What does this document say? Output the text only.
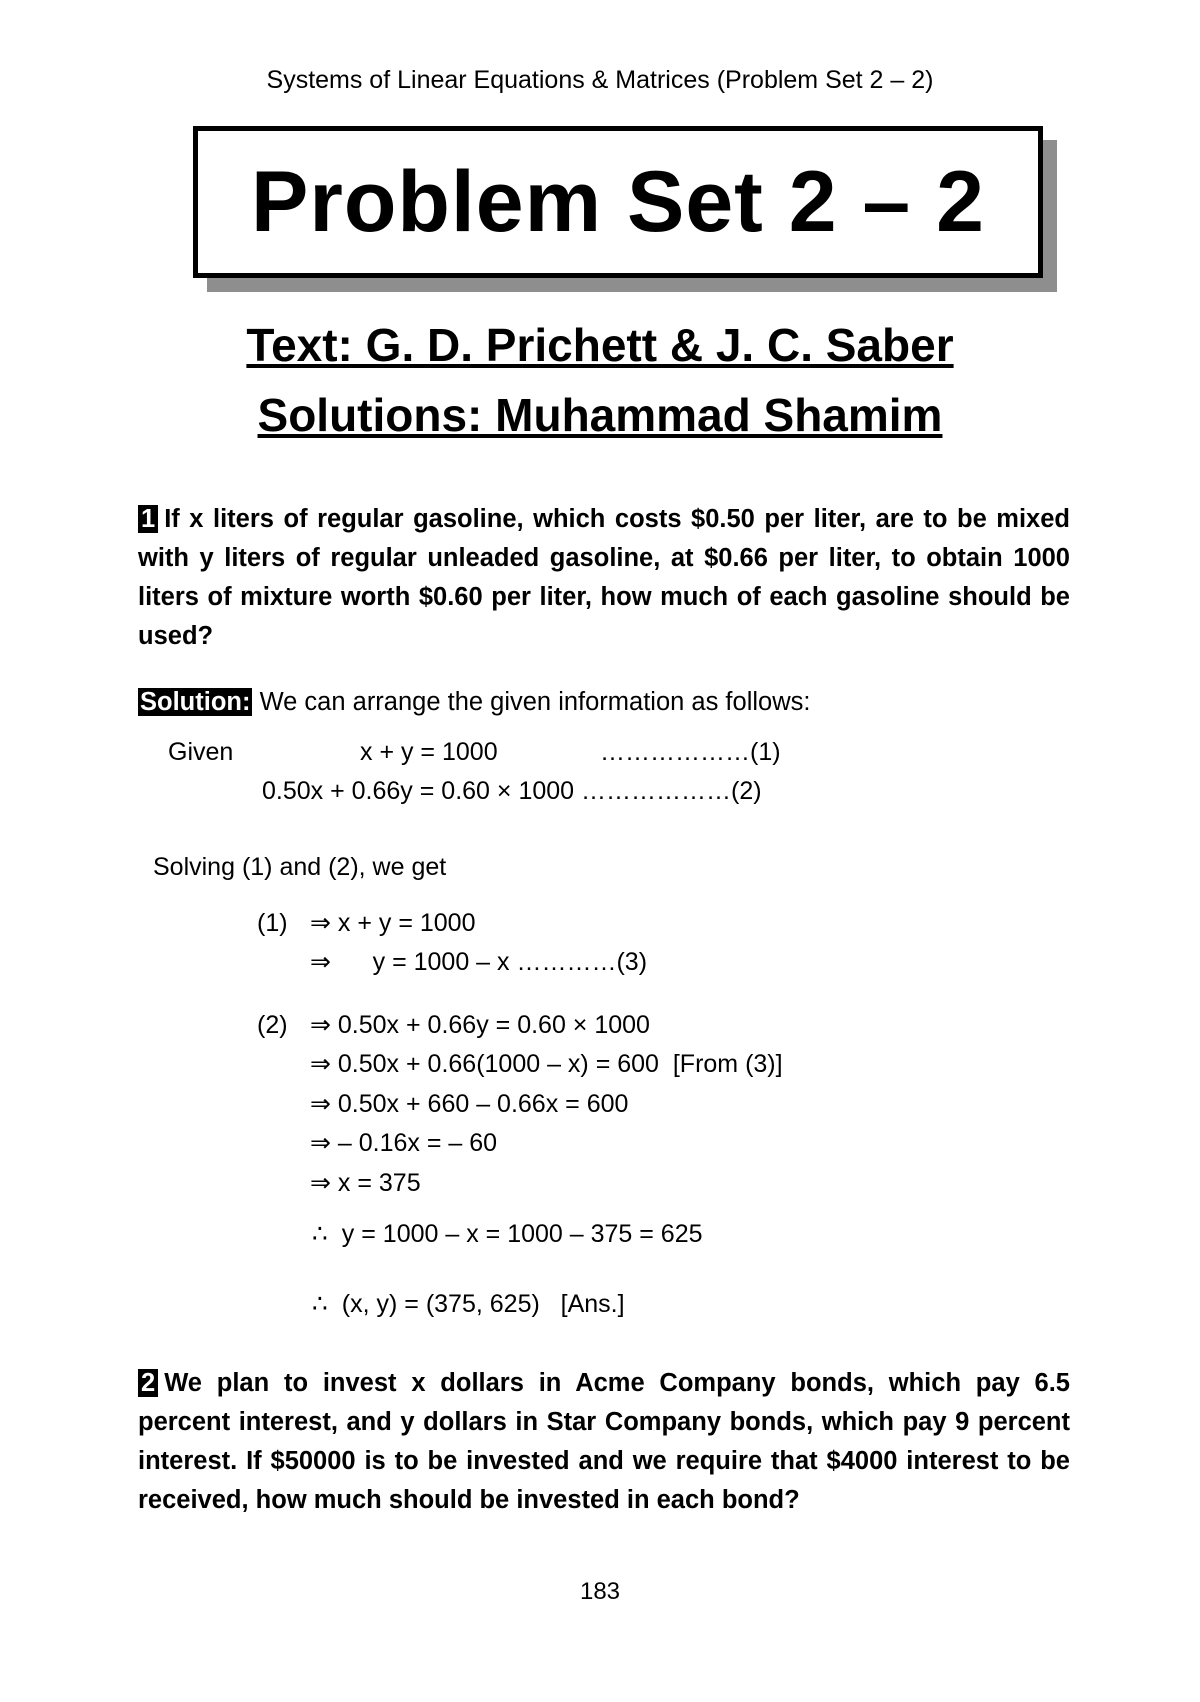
Systems of Linear Equations & Matrices (Problem Set 2 – 2)
Problem Set 2 – 2
Text: G. D. Prichett & J. C. Saber
Solutions: Muhammad Shamim
1 If x liters of regular gasoline, which costs $0.50 per liter, are to be mixed with y liters of regular unleaded gasoline, at $0.66 per liter, to obtain 1000 liters of mixture worth $0.60 per liter, how much of each gasoline should be used?
Solution: We can arrange the given information as follows:
Given	x + y = 1000	………………(1)
0.50x + 0.66y = 0.60 × 1000 ………………(2)
Solving (1) and (2), we get
(1) ⇒ x + y = 1000
⇒      y = 1000 – x …………(3)
(2) ⇒ 0.50x + 0.66y = 0.60 × 1000
⇒ 0.50x + 0.66(1000 – x) = 600  [From (3)]
⇒ 0.50x + 660 – 0.66x = 600
⇒ – 0.16x = – 60
⇒ x = 375
∴  y = 1000 – x = 1000 – 375 = 625
∴  (x, y) = (375, 625)   [Ans.]
2 We plan to invest x dollars in Acme Company bonds, which pay 6.5 percent interest, and y dollars in Star Company bonds, which pay 9 percent interest. If $50000 is to be invested and we require that $4000 interest to be received, how much should be invested in each bond?
183
